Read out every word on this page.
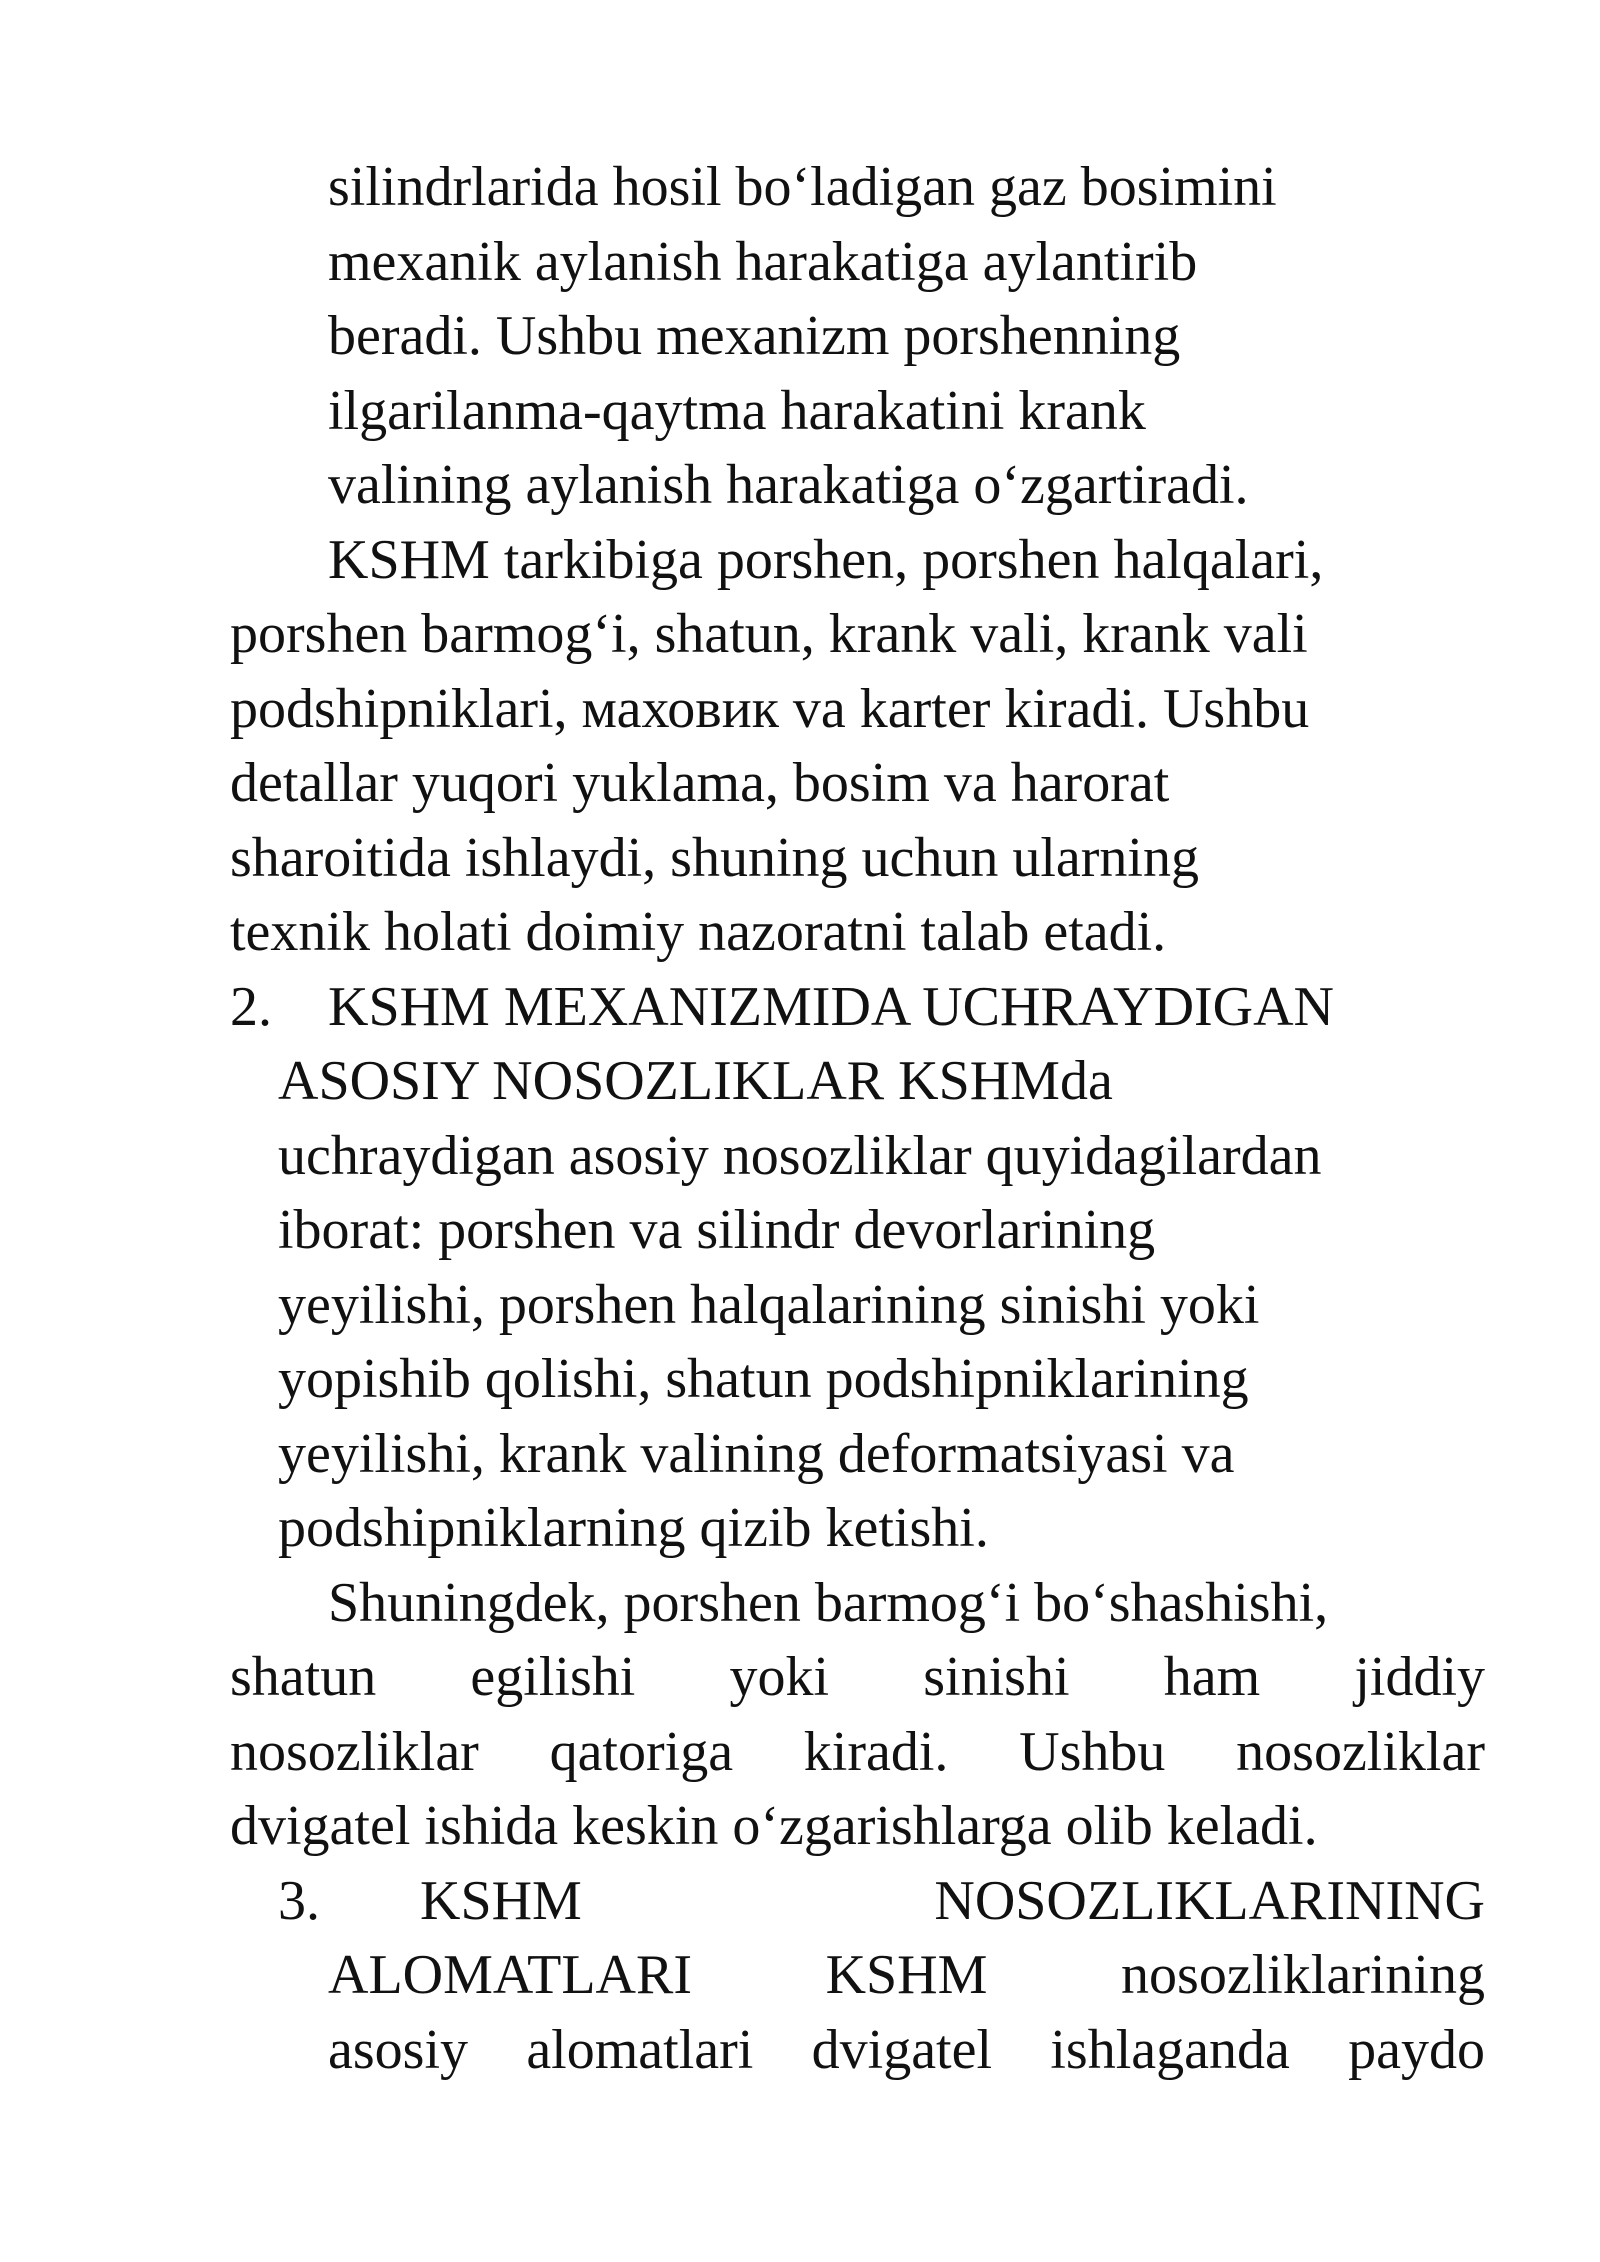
silindrlarida hosil bo‘ladigan gaz bosimini
mexanik aylanish harakatiga aylantirib
beradi. Ushbu mexanizm porshenning
ilgarilanma-qaytma harakatini krank
valining aylanish harakatiga o‘zgartiradi.
KSHM tarkibiga porshen, porshen halqalari,
porshen barmog‘i, shatun, krank vali, krank vali
podshipniklari, маховик va karter kiradi. Ushbu
detallar yuqori yuklama, bosim va harorat
sharoitida ishlaydi, shuning uchun ularning
texnik holati doimiy nazoratni talab etadi.
2.	KSHM MEXANIZMIDA UCHRAYDIGAN
ASOSIY NOSOZLIKLAR KSHMda
uchraydigan asosiy nosozliklar quyidagilardan
iborat: porshen va silindr devorlarining
yeyilishi, porshen halqalarining sinishi yoki
yopishib qolishi, shatun podshipniklarining
yeyilishi, krank valining deformatsiyasi va
podshipniklarning qizib ketishi.
Shuningdek, porshen barmog‘i bo‘shashishi,
shatun egilishi yoki sinishi ham jiddiy
nosozliklar qatoriga kiradi. Ushbu nosozliklar
dvigatel ishida keskin o‘zgarishlarga olib keladi.
3.	KSHM	NOSOZLIKLARINING
ALOMATLARI KSHM nosozliklarining
asosiy alomatlari dvigatel ishlaganda paydo
